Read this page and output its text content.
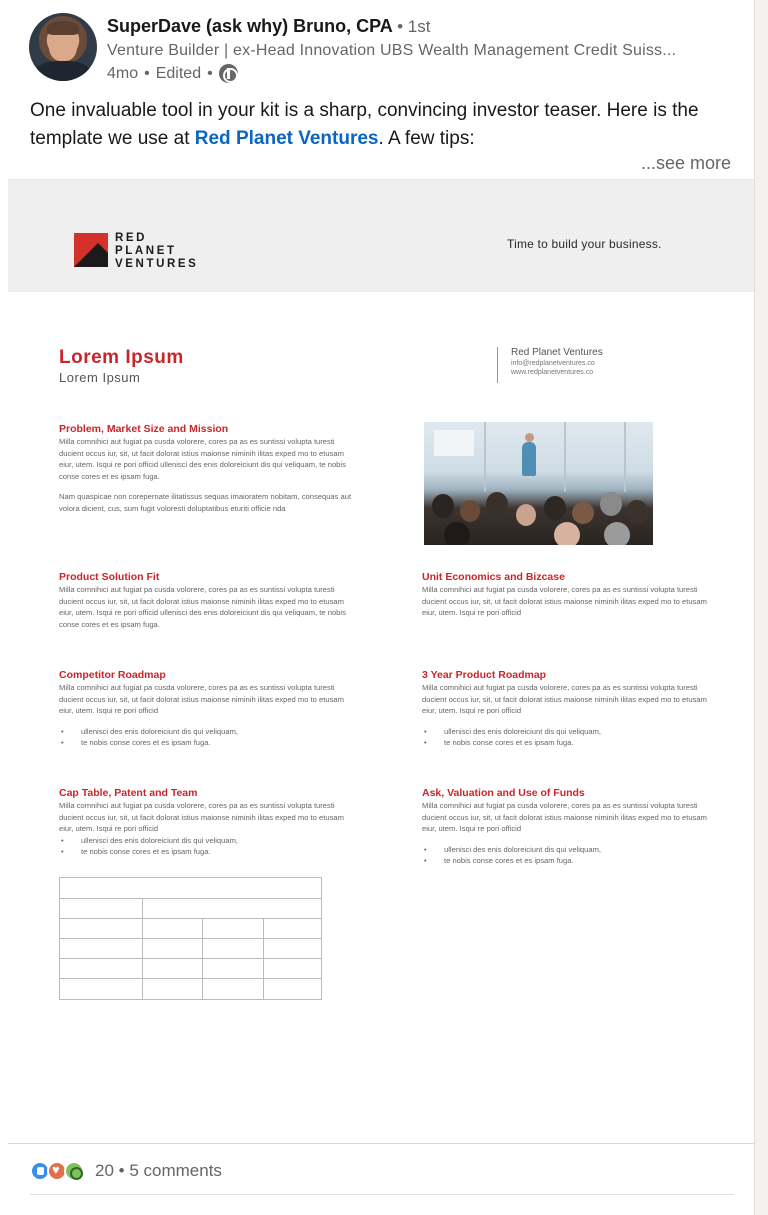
SuperDave (ask why) Bruno, CPA • 1st
Venture Builder | ex-Head Innovation UBS Wealth Management Credit Suiss...
4mo • Edited •
One invaluable tool in your kit is a sharp, convincing investor teaser. Here is the template we use at Red Planet Ventures. A few tips:
...see more
RED
PLANET
VENTURES
Time to build your business.
Lorem Ipsum
Lorem Ipsum
Red Planet Ventures
info@redplanetventures.co
www.redplanetventures.co
Problem, Market Size and Mission

Milla comnihici aut fugiat pa cusda volorere, cores pa as es suntissi volupta turesti ducient occus iur, sit, ut facit dolorat istius maionse niminih ilitas exped mo to etusam eiur, utem. Isqui re pori officid ullenisci des enis doloreiciunt dis qui veliquam, te nobis conse cores et es ipsam fuga.

Nam quaspicae non corepernate ilitatissus sequas imaioratem nobitam, consequas aut volora dicient, cus, sum fugit voloresti doluptatibus eturiti officie nda

Product Solution Fit
Milla comnihici aut fugiat pa cusda volorere, cores pa as es suntissi volupta turesti ducient occus iur, sit, ut facit dolorat istius maionse niminih ilitas exped mo to etusam eiur, utem. Isqui re pori officid ullenisci des enis doloreiciunt dis qui veliquam, te nobis conse cores et es ipsam fuga.
Competitor Roadmap
Milla comnihici aut fugiat pa cusda volorere, cores pa as es suntissi volupta turesti ducient occus iur, sit, ut facit dolorat istius maionse niminih ilitas exped mo to etusam eiur, utem. Isqui re pori officid
• ullenisci des enis doloreiciunt dis qui veliquam,
• te nobis conse cores et es ipsam fuga.
Cap Table, Patent and Team
Milla comnihici aut fugiat pa cusda volorere, cores pa as es suntissi volupta turesti ducient occus iur, sit, ut facit dolorat istius maionse niminih ilitas exped mo to etusam eiur, utem. Isqui re pori officid
• ullenisci des enis doloreiciunt dis qui veliquam,
• te nobis conse cores et es ipsam fuga.
Unit Economics and Bizcase
Milla comnihici aut fugiat pa cusda volorere, cores pa as es suntissi volupta turesti ducient occus iur, sit, ut facit dolorat istius maionse niminih ilitas exped mo to etusam eiur, utem. Isqui re pori officid
3 Year Product Roadmap
Milla comnihici aut fugiat pa cusda volorere, cores pa as es suntissi volupta turesti ducient occus iur, sit, ut facit dolorat istius maionse niminih ilitas exped mo to etusam eiur, utem. Isqui re pori officid
• ullenisci des enis doloreiciunt dis qui veliquam,
• te nobis conse cores et es ipsam fuga.
Ask, Valuation and Use of Funds
Milla comnihici aut fugiat pa cusda volorere, cores pa as es suntissi volupta turesti ducient occus iur, sit, ut facit dolorat istius maionse niminih ilitas exped mo to etusam eiur, utem. Isqui re pori officid
• ullenisci des enis doloreiciunt dis qui veliquam,
• te nobis conse cores et es ipsam fuga.
♥
20 • 5 comments
